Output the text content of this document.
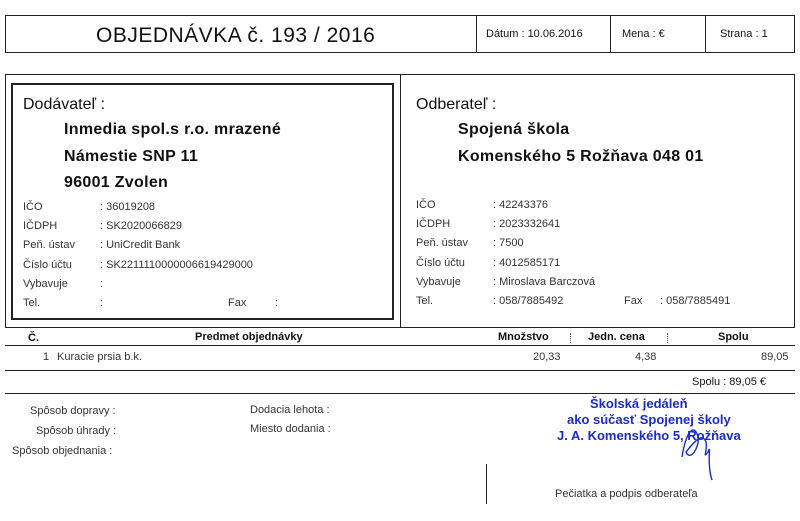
OBJEDNÁVKA č. 193 / 2016	Dátum : 10.06.2016	Mena : €	Strana : 1
Dodávateľ :
Inmedia spol.s r.o. mrazené
Námestie SNP 11
96001 Zvolen
IČO	: 36019208
IČDPH	: SK2020066829
Peň. ústav : UniCredit Bank
Číslo účtu	: SK2211110000006619429000
Vybavuje	:
Tel.	:	Fax	:
Odberateľ :
Spojená škola
Komenského 5 Rožňava 048 01
IČO	: 42243376
IČDPH	: 2023332641
Peň. ústav : 7500
Číslo účtu	: 4012585171
Vybavuje	: Miroslava Barczová
Tel.	: 058/7885492	Fax : 058/7885491
Č.	Predmet objednávky	Množstvo	Jedn. cena	Spolu
1 Kuracie prsia b.k.	20,33	4,38	89,05
Spolu : 89,05 €
Spôsob dopravy :
Spôsob úhrady :
Spôsob objednania :
Dodacia lehota :
Miesto dodania :
Školská jedáleň
ako súčasť Spojenej školy
J. A. Komenského 5, Rožňava
Pečiatka a podpis odberateľa
